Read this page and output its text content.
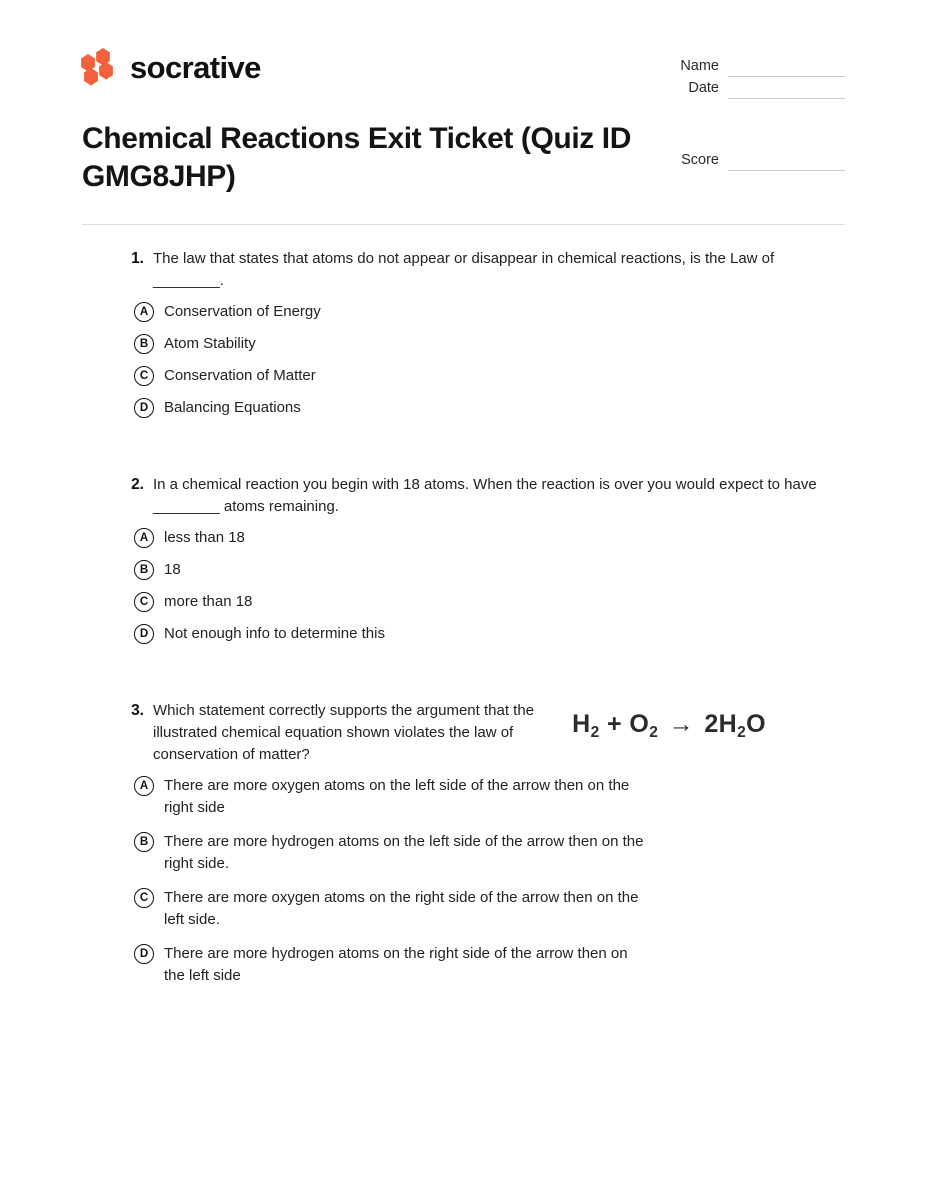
socrative	Name
Date
Score
Chemical Reactions Exit Ticket (Quiz ID GMG8JHP)
1. The law that states that atoms do not appear or disappear in chemical reactions, is the Law of ________.
A	Conservation of Energy
B	Atom Stability
C	Conservation of Matter
D	Balancing Equations
2. In a chemical reaction you begin with 18 atoms. When the reaction is over you would expect to have ________ atoms remaining.
A	less than 18
B	18
C	more than 18
D	Not enough info to determine this
$H_2 + O_2 \to 2H_2O$
3. Which statement correctly supports the argument that the illustrated chemical equation shown violates the law of conservation of matter?
A	There are more oxygen atoms on the left side of the arrow then on the right side
B	There are more hydrogen atoms on the left side of the arrow then on the right side.
C	There are more oxygen atoms on the right side of the arrow then on the left side.
D	There are more hydrogen atoms on the right side of the arrow then on the left side
